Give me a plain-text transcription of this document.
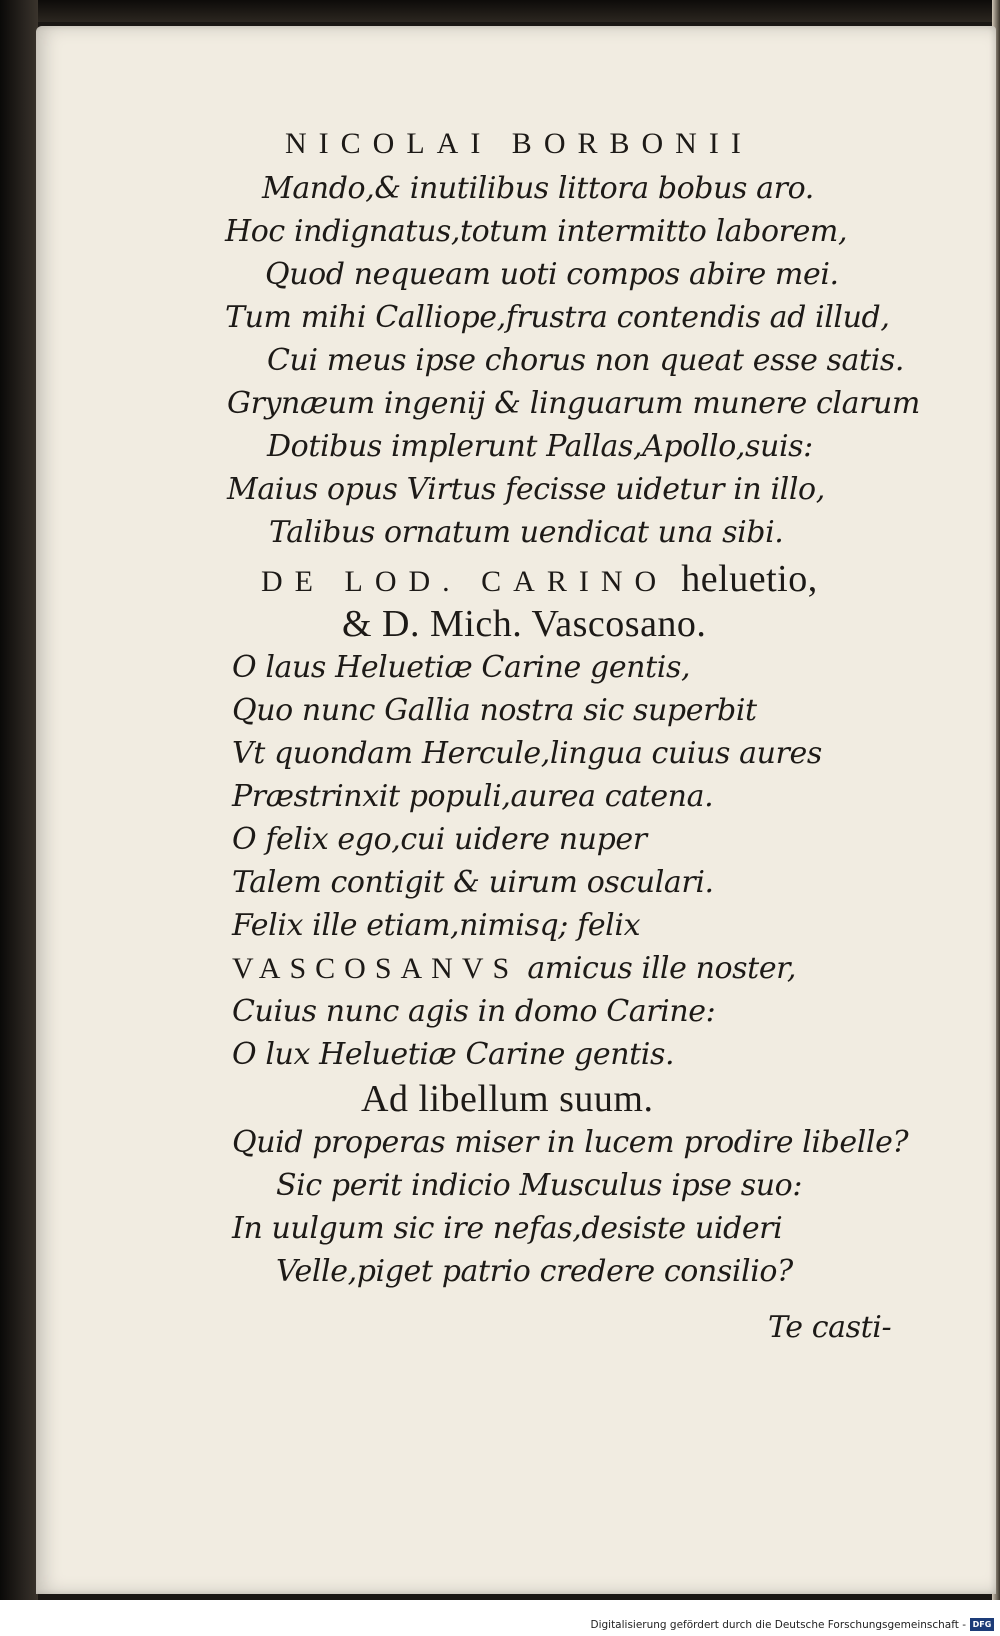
NICOLAI BORBONII
Mando,& inutilibus littora bobus aro.
Hoc indignatus,totum intermitto laborem,
Quod nequeam uoti compos abire mei.
Tum mihi Calliope,frustra contendis ad illud,
Cui meus ipse chorus non queat esse satis.
Grynæum ingenij & linguarum munere clarum
Dotibus implerunt Pallas,Apollo,suis:
Maius opus Virtus fecisse uidetur in illo,
Talibus ornatum uendicat una sibi.
DE LOD. CARINO heluetio,
& D. Mich. Vascosano.
O laus Heluetiæ Carine gentis,
Quo nunc Gallia nostra sic superbit
Vt quondam Hercule,lingua cuius aures
Præstrinxit populi,aurea catena.
O felix ego,cui uidere nuper
Talem contigit & uirum osculari.
Felix ille etiam,nimisq; felix
VASCOSANVS amicus ille noster,
Cuius nunc agis in domo Carine:
O lux Heluetiæ Carine gentis.
Ad libellum suum.
Quid properas miser in lucem prodire libelle?
Sic perit indicio Musculus ipse suo:
In uulgum sic ire nefas,desiste uideri
Velle,piget patrio credere consilio?
Te casti-
Digitalisierung gefördert durch die Deutsche Forschungsgemeinschaft - DFG
